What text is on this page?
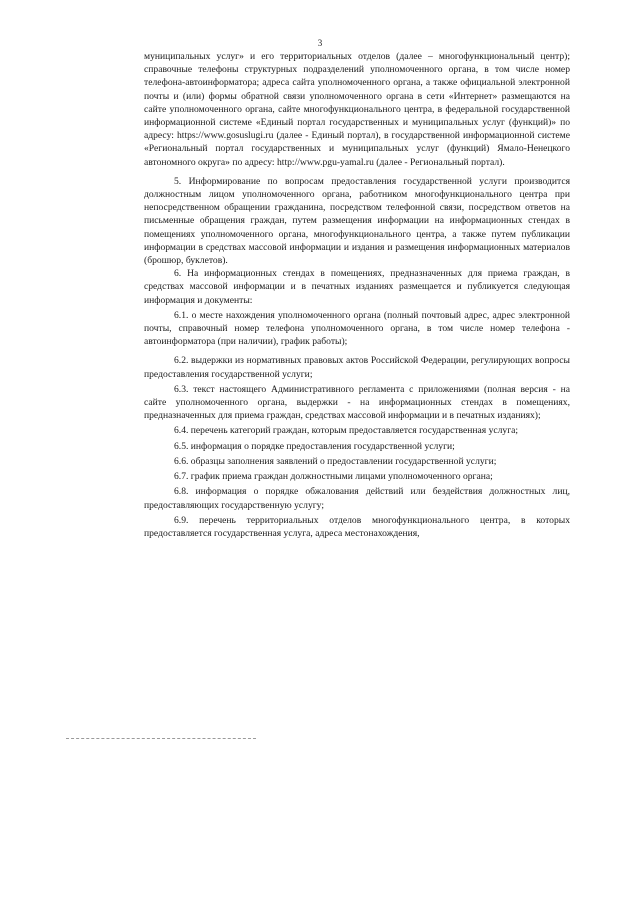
3

муниципальных услуг» и его территориальных отделов (далее – многофункциональный центр); справочные телефоны структурных подразделений уполномоченного органа, в том числе номер телефона-автоинформатора; адреса сайта уполномоченного органа, а также официальной электронной почты и (или) формы обратной связи уполномоченного органа в сети «Интернет» размещаются на сайте уполномоченного органа, сайте многофункционального центра, в федеральной государственной информационной системе «Единый портал государственных и муниципальных услуг (функций)» по адресу: https://www.gosuslugi.ru (далее - Единый портал), в государственной информационной системе «Региональный портал государственных и муниципальных услуг (функций) Ямало-Ненецкого автономного округа» по адресу: http://www.pgu-yamal.ru (далее - Региональный портал).

5. Информирование по вопросам предоставления государственной услуги производится должностным лицом уполномоченного органа, работником многофункционального центра при непосредственном обращении гражданина, посредством телефонной связи, посредством ответов на письменные обращения граждан, путем размещения информации на информационных стендах в помещениях уполномоченного органа, многофункционального центра, а также путем публикации информации в средствах массовой информации и издания и размещения информационных материалов (брошюр, буклетов).

6. На информационных стендах в помещениях, предназначенных для приема граждан, в средствах массовой информации и в печатных изданиях размещается и публикуется следующая информация и документы:

6.1. о месте нахождения уполномоченного органа (полный почтовый адрес, адрес электронной почты, справочный номер телефона уполномоченного органа, в том числе номер телефона - автоинформатора (при наличии), график работы);

6.2. выдержки из нормативных правовых актов Российской Федерации, регулирующих вопросы предоставления государственной услуги;

6.3. текст настоящего Административного регламента с приложениями (полная версия - на сайте уполномоченного органа, выдержки - на информационных стендах в помещениях, предназначенных для приема граждан, средствах массовой информации и в печатных изданиях);

6.4. перечень категорий граждан, которым предоставляется государственная услуга;

6.5. информация о порядке предоставления государственной услуги;

6.6. образцы заполнения заявлений о предоставлении государственной услуги;

6.7. график приема граждан должностными лицами уполномоченного органа;

6.8. информация о порядке обжалования действий или бездействия должностных лиц, предоставляющих государственную услугу;

6.9. перечень территориальных отделов многофункционального центра, в которых предоставляется государственная услуга, адреса местонахождения,
